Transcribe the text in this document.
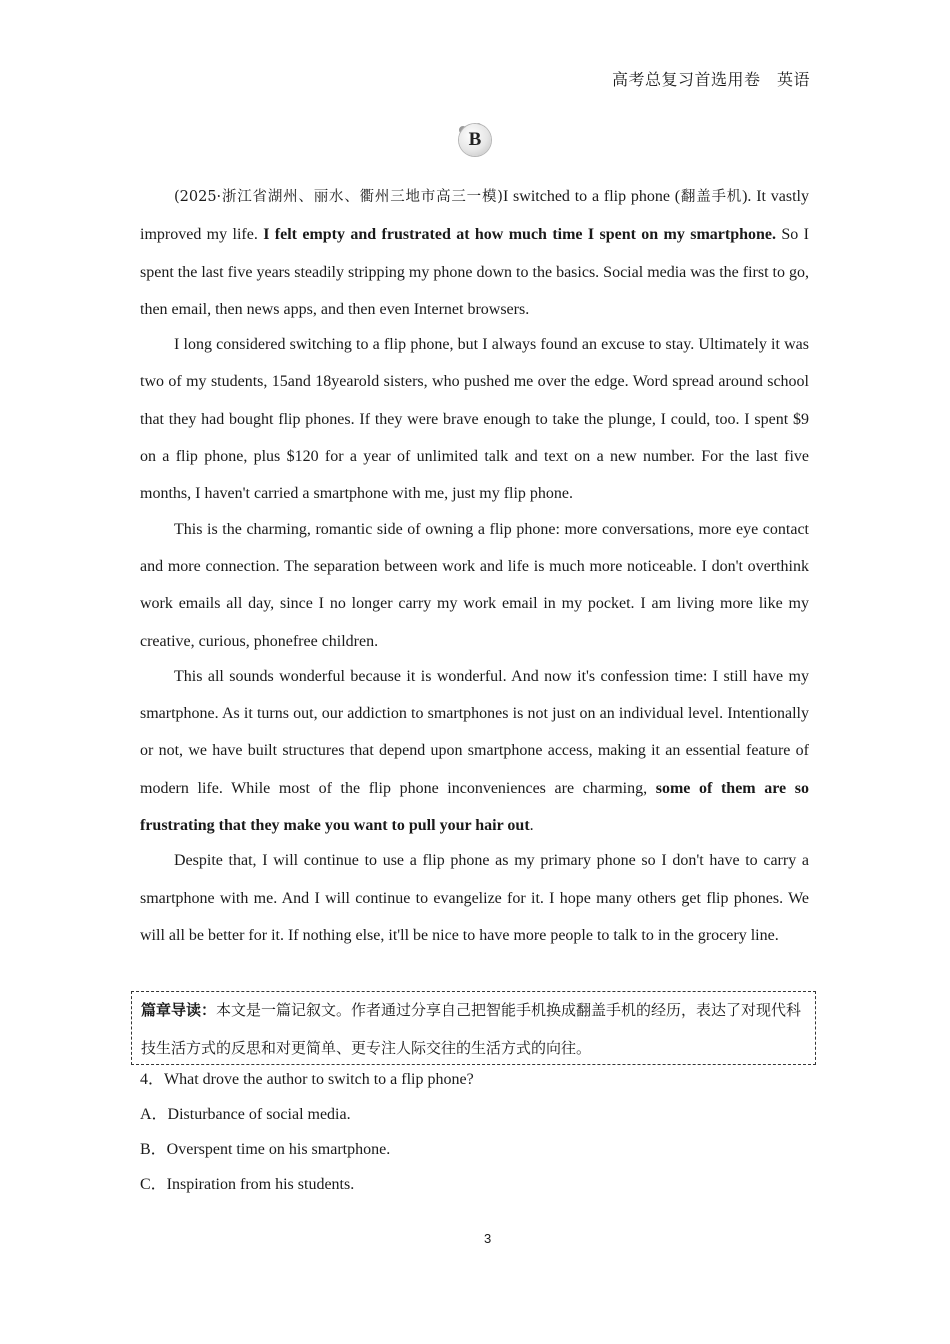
高考总复习首选用卷　英语
B

(2025·浙江省湖州、丽水、衢州三地市高三一模)I switched to a flip phone (翻盖手机). It vastly improved my life. I felt empty and frustrated at how much time I spent on my smartphone. So I spent the last five years steadily stripping my phone down to the basics. Social media was the first to go, then email, then news apps, and then even Internet browsers.

I long considered switching to a flip phone, but I always found an excuse to stay. Ultimately it was two of my students, 15and 18yearold sisters, who pushed me over the edge. Word spread around school that they had bought flip phones. If they were brave enough to take the plunge, I could, too. I spent $9 on a flip phone, plus $120 for a year of unlimited talk and text on a new number. For the last five months, I haven't carried a smartphone with me, just my flip phone.

This is the charming, romantic side of owning a flip phone: more conversations, more eye contact and more connection. The separation between work and life is much more noticeable. I don't overthink work emails all day, since I no longer carry my work email in my pocket. I am living more like my creative, curious, phonefree children.

This all sounds wonderful because it is wonderful. And now it's confession time: I still have my smartphone. As it turns out, our addiction to smartphones is not just on an individual level. Intentionally or not, we have built structures that depend upon smartphone access, making it an essential feature of modern life. While most of the flip phone inconveniences are charming, some of them are so frustrating that they make you want to pull your hair out.

Despite that, I will continue to use a flip phone as my primary phone so I don't have to carry a smartphone with me. And I will continue to evangelize for it. I hope many others get flip phones. We will all be better for it. If nothing else, it'll be nice to have more people to talk to in the grocery line.

篇章导读：本文是一篇记叙文。作者通过分享自己把智能手机换成翻盖手机的经历，表达了对现代科技生活方式的反思和对更简单、更专注人际交往的生活方式的向往。
4．What drove the author to switch to a flip phone?
A．Disturbance of social media.
B．Overspent time on his smartphone.
C．Inspiration from his students.
3
